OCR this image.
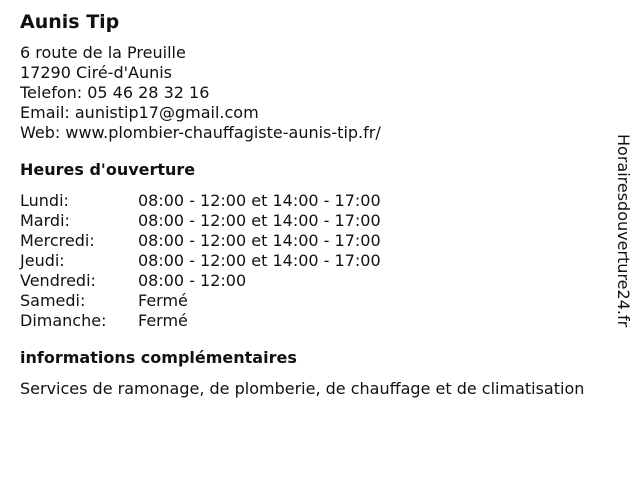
Aunis Tip
6 route de la Preuille
17290 Ciré-d'Aunis
Telefon: 05 46 28 32 16
Email: aunistip17@gmail.com
Web: www.plombier-chauffagiste-aunis-tip.fr/
Heures d'ouverture
Lundi:	08:00 - 12:00 et 14:00 - 17:00
Mardi:	08:00 - 12:00 et 14:00 - 17:00
Mercredi:	08:00 - 12:00 et 14:00 - 17:00
Jeudi:	08:00 - 12:00 et 14:00 - 17:00
Vendredi:	08:00 - 12:00
Samedi:	Fermé
Dimanche:	Fermé
informations complémentaires
Services de ramonage, de plomberie, de chauffage et de climatisation
Horairesdouverture24.fr
